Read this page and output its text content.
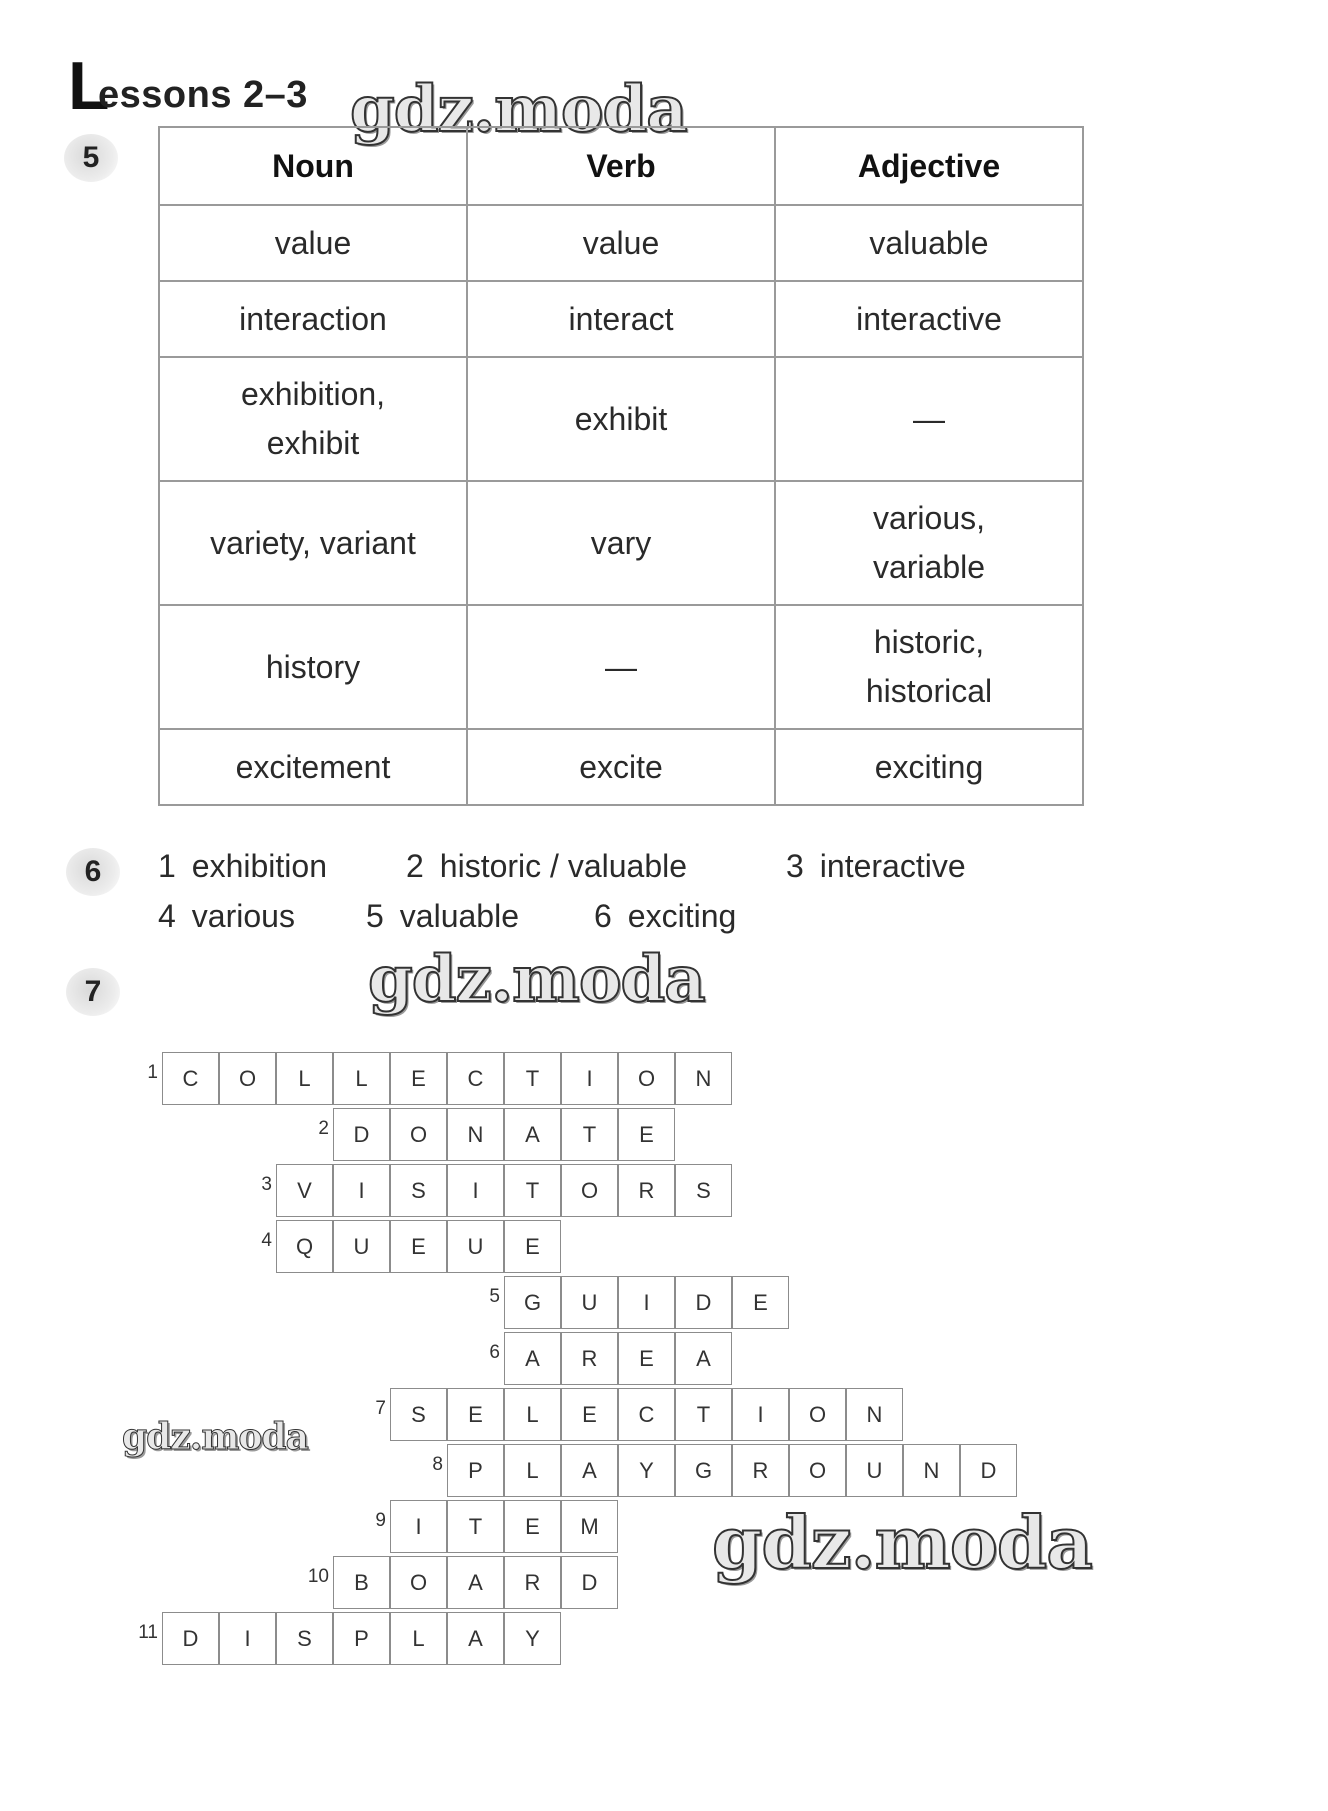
L
essons 2–3 gdz.moda
5	Noun	Verb	Adjective

value	value	valuable

interaction	interact	interactive

exhibition,
exhibit	exhibit	—

variety, variant	vary	various,
variable

history	—	historic,
historical

excitement	excite	exciting
6	1 exhibition 2 historic / valuable	3 interactive
4 various 5 valuable 6 exciting
gdz.moda
7
1	C	O	L	L	E	C	T	I	O	N
2	D	O	N	A	T	E
3	V	I	S	I	T	O	R	S
4	Q	U	E	U	E
5	G	U	I	D	E
6	A	R	E	A
7	S	E	L	E	C	T	I	O	N
8	P	L	A	Y	G	R	O	U	N	D
9	I	T	E	M
10	B	O	A	R	D
11	D	I	S	P	L	A	Y
gdz.moda
gdz.moda
